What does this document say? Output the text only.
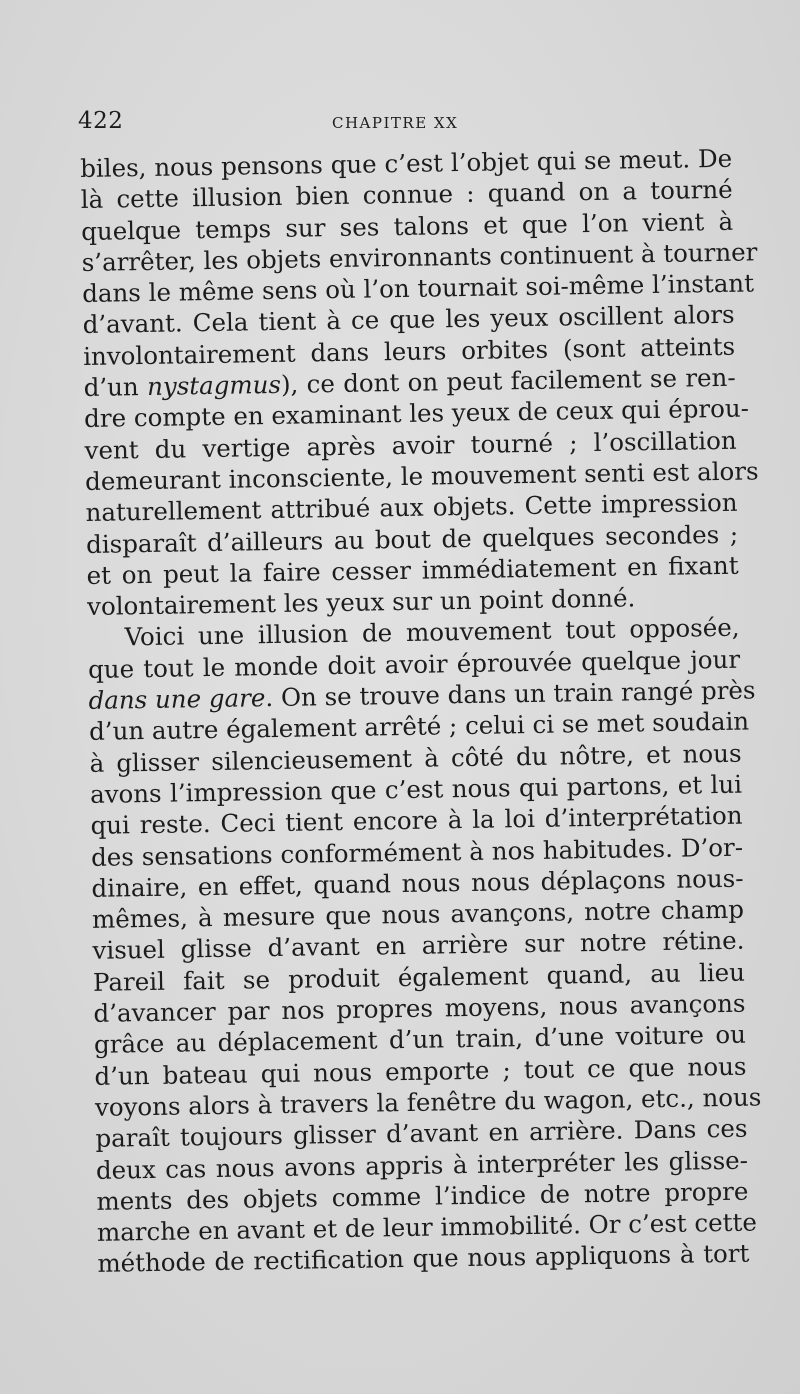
422	CHAPITRE XX
biles, nous pensons que c’est l’objet qui se meut. De
là cette illusion bien connue : quand on a tourné
quelque temps sur ses talons et que l’on vient à
s’arrêter, les objets environnants continuent à tourner
dans le même sens où l’on tournait soi-même l’instant
d’avant. Cela tient à ce que les yeux oscillent alors
involontairement dans leurs orbites (sont atteints
d’un nystagmus), ce dont on peut facilement se ren-
dre compte en examinant les yeux de ceux qui éprou-
vent du vertige après avoir tourné ; l’oscillation
demeurant inconsciente, le mouvement senti est alors
naturellement attribué aux objets. Cette impression
disparaît d’ailleurs au bout de quelques secondes ;
et on peut la faire cesser immédiatement en fixant
volontairement les yeux sur un point donné.
Voici une illusion de mouvement tout opposée,
que tout le monde doit avoir éprouvée quelque jour
dans une gare. On se trouve dans un train rangé près
d’un autre également arrêté ; celui ci se met soudain
à glisser silencieusement à côté du nôtre, et nous
avons l’impression que c’est nous qui partons, et lui
qui reste. Ceci tient encore à la loi d’interprétation
des sensations conformément à nos habitudes. D’or-
dinaire, en effet, quand nous nous déplaçons nous-
mêmes, à mesure que nous avançons, notre champ
visuel glisse d’avant en arrière sur notre rétine.
Pareil fait se produit également quand, au lieu
d’avancer par nos propres moyens, nous avançons
grâce au déplacement d’un train, d’une voiture ou
d’un bateau qui nous emporte ; tout ce que nous
voyons alors à travers la fenêtre du wagon, etc., nous
paraît toujours glisser d’avant en arrière. Dans ces
deux cas nous avons appris à interpréter les glisse-
ments des objets comme l’indice de notre propre
marche en avant et de leur immobilité. Or c’est cette
méthode de rectification que nous appliquons à tort
